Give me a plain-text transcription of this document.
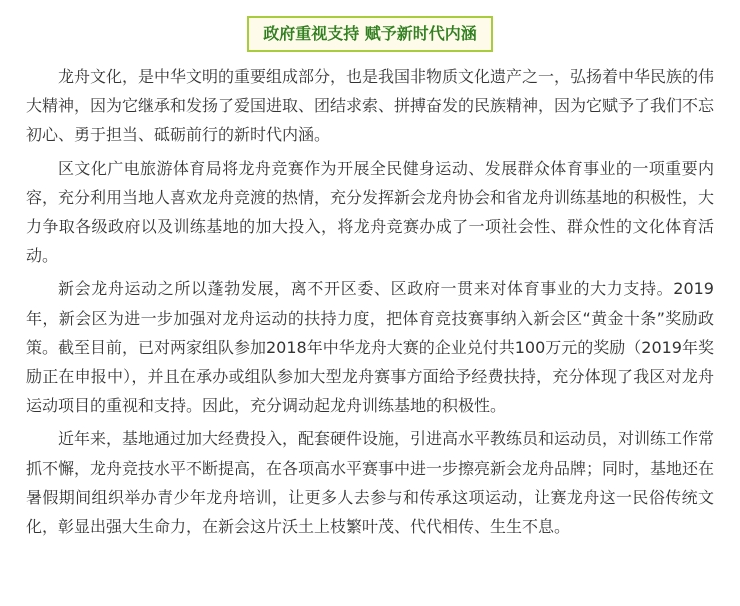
政府重视支持 赋予新时代内涵

龙舟文化，是中华文明的重要组成部分，也是我国非物质文化遗产之一，弘扬着中华民族的伟大精神，因为它继承和发扬了爱国进取、团结求索、拼搏奋发的民族精神，因为它赋予了我们不忘初心、勇于担当、砥砺前行的新时代内涵。

区文化广电旅游体育局将龙舟竞赛作为开展全民健身运动、发展群众体育事业的一项重要内容，充分利用当地人喜欢龙舟竞渡的热情，充分发挥新会龙舟协会和省龙舟训练基地的积极性，大力争取各级政府以及训练基地的加大投入，将龙舟竞赛办成了一项社会性、群众性的文化体育活动。

新会龙舟运动之所以蓬勃发展，离不开区委、区政府一贯来对体育事业的大力支持。2019年，新会区为进一步加强对龙舟运动的扶持力度，把体育竞技赛事纳入新会区“黄金十条”奖励政策。截至目前，已对两家组队参加2018年中华龙舟大赛的企业兑付共100万元的奖励（2019年奖励正在申报中），并且在承办或组队参加大型龙舟赛事方面给予经费扶持，充分体现了我区对龙舟运动项目的重视和支持。因此，充分调动起龙舟训练基地的积极性。

近年来，基地通过加大经费投入，配套硬件设施，引进高水平教练员和运动员，对训练工作常抓不懈，龙舟竞技水平不断提高，在各项高水平赛事中进一步擦亮新会龙舟品牌；同时，基地还在暑假期间组织举办青少年龙舟培训，让更多人去参与和传承这项运动，让赛龙舟这一民俗传统文化，彰显出强大生命力，在新会这片沃土上枝繁叶茂、代代相传、生生不息。
